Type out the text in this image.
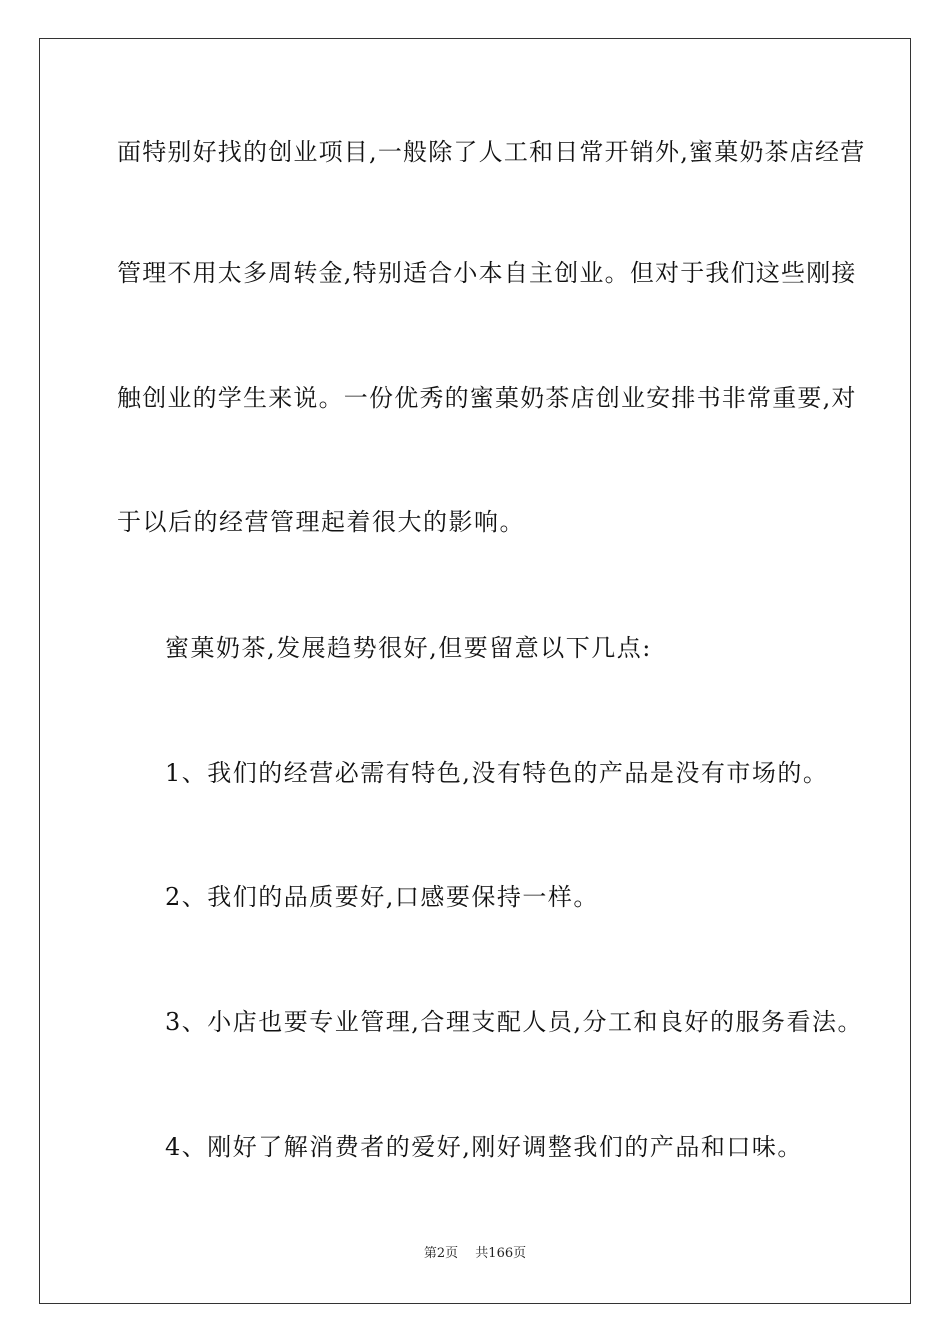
面特别好找的创业项目,一般除了人工和日常开销外,蜜菓奶茶店经营
管理不用太多周转金,特别适合小本自主创业。但对于我们这些刚接
触创业的学生来说。一份优秀的蜜菓奶茶店创业安排书非常重要,对
于以后的经营管理起着很大的影响。
蜜菓奶茶,发展趋势很好,但要留意以下几点:
1、我们的经营必需有特色,没有特色的产品是没有市场的。
2、我们的品质要好,口感要保持一样。
3、小店也要专业管理,合理支配人员,分工和良好的服务看法。
4、刚好了解消费者的爱好,刚好调整我们的产品和口味。
第2页　 共166页
